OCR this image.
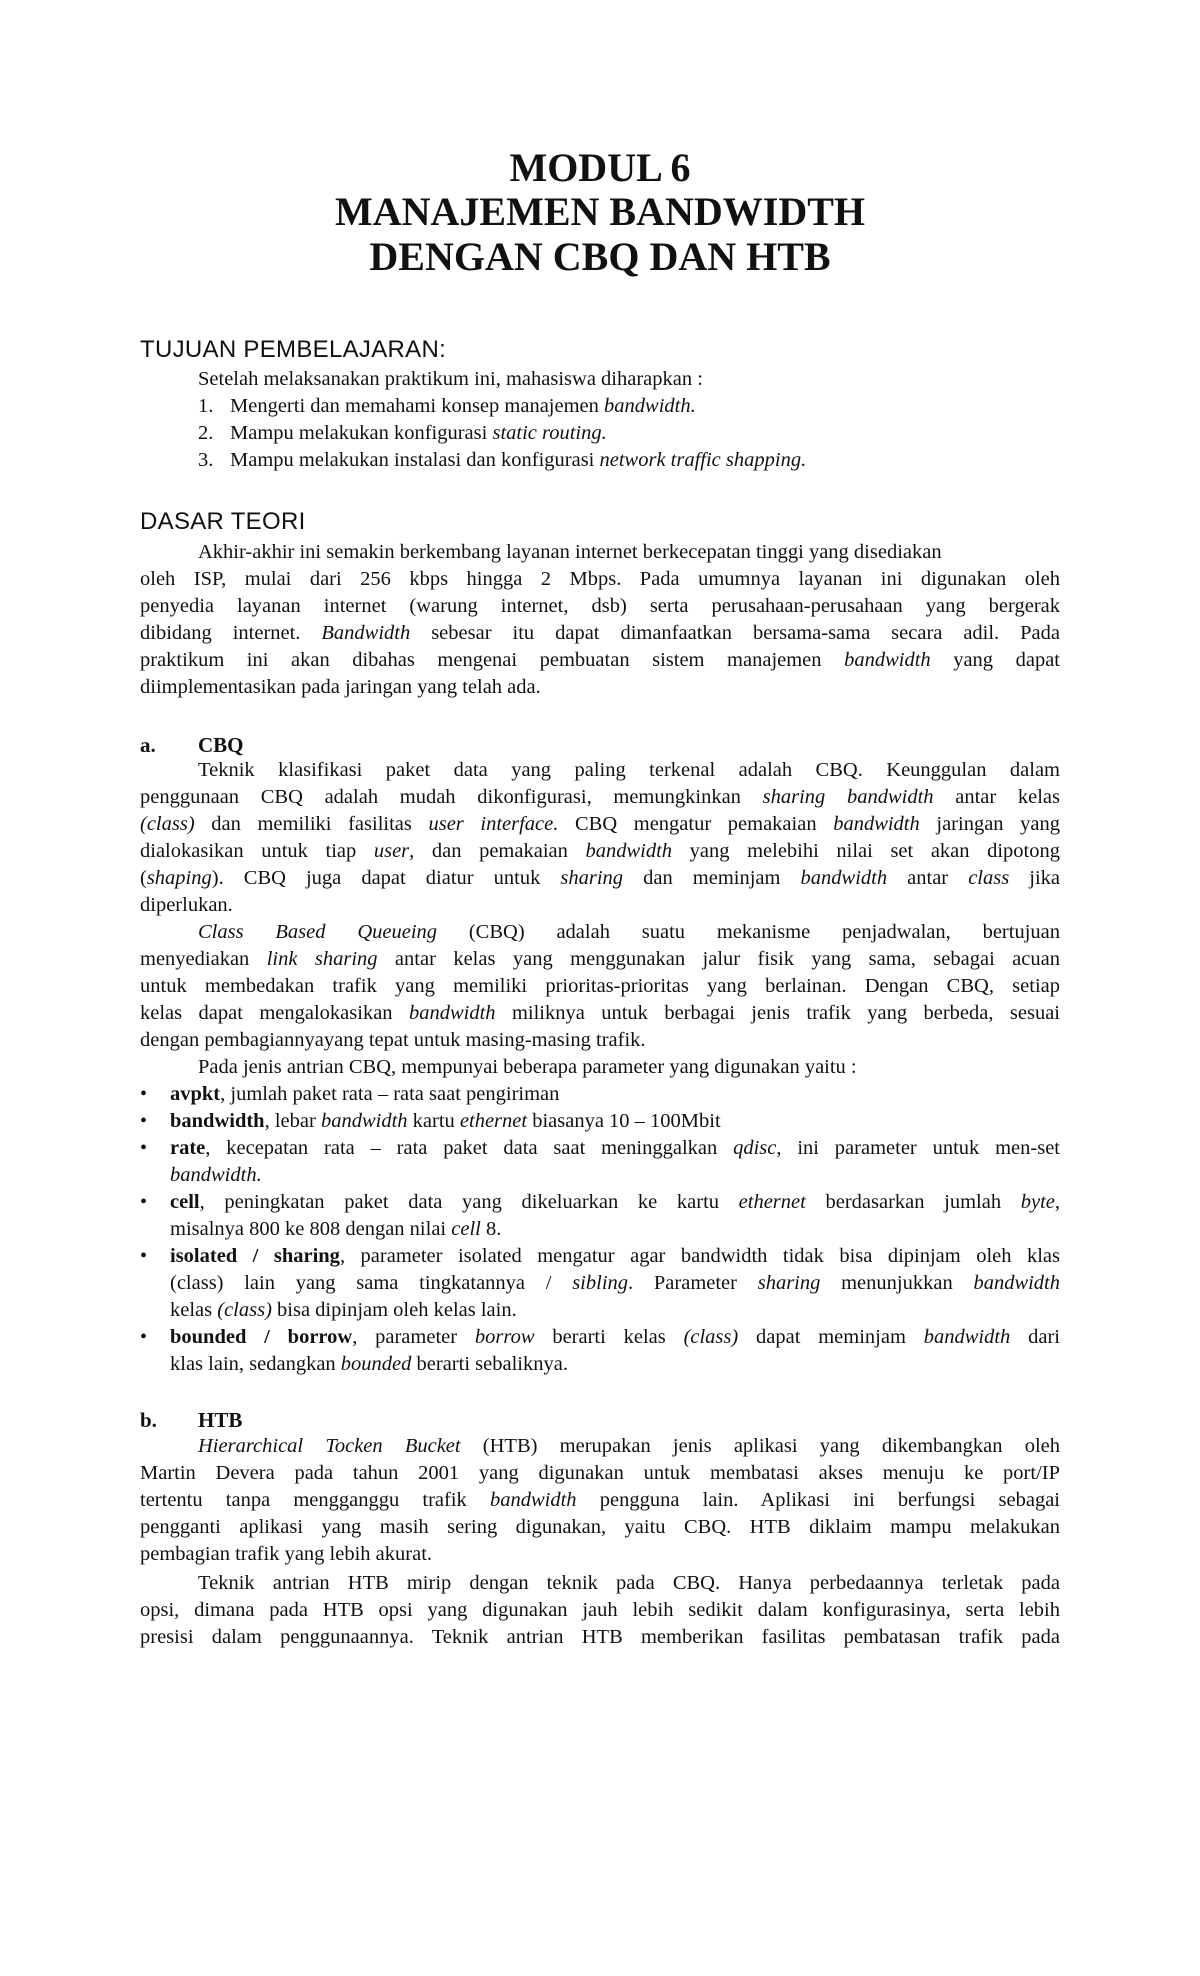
MODUL 6
MANAJEMEN BANDWIDTH
DENGAN CBQ DAN HTB
TUJUAN PEMBELAJARAN:
Setelah melaksanakan praktikum ini, mahasiswa diharapkan :
1. Mengerti dan memahami konsep manajemen bandwidth.
2. Mampu melakukan konfigurasi static routing.
3. Mampu melakukan instalasi dan konfigurasi network traffic shapping.
DASAR TEORI
Akhir-akhir ini semakin berkembang layanan internet berkecepatan tinggi yang disediakan
oleh ISP, mulai dari 256 kbps hingga 2 Mbps. Pada umumnya layanan ini digunakan oleh
penyedia layanan internet (warung internet, dsb) serta perusahaan-perusahaan yang bergerak
dibidang internet. Bandwidth sebesar itu dapat dimanfaatkan bersama-sama secara adil. Pada
praktikum ini akan dibahas mengenai pembuatan sistem manajemen bandwidth yang dapat
diimplementasikan pada jaringan yang telah ada.
a. CBQ
Teknik klasifikasi paket data yang paling terkenal adalah CBQ. Keunggulan dalam
penggunaan CBQ adalah mudah dikonfigurasi, memungkinkan sharing bandwidth antar kelas
(class) dan memiliki fasilitas user interface. CBQ mengatur pemakaian bandwidth jaringan yang
dialokasikan untuk tiap user, dan pemakaian bandwidth yang melebihi nilai set akan dipotong
(shaping). CBQ juga dapat diatur untuk sharing dan meminjam bandwidth antar class jika
diperlukan.
Class Based Queueing (CBQ) adalah suatu mekanisme penjadwalan, bertujuan
menyediakan link sharing antar kelas yang menggunakan jalur fisik yang sama, sebagai acuan
untuk membedakan trafik yang memiliki prioritas-prioritas yang berlainan. Dengan CBQ, setiap
kelas dapat mengalokasikan bandwidth miliknya untuk berbagai jenis trafik yang berbeda, sesuai
dengan pembagiannyayang tepat untuk masing-masing trafik.
Pada jenis antrian CBQ, mempunyai beberapa parameter yang digunakan yaitu :
• avpkt, jumlah paket rata – rata saat pengiriman
• bandwidth, lebar bandwidth kartu ethernet biasanya 10 – 100Mbit
• rate, kecepatan rata – rata paket data saat meninggalkan qdisc, ini parameter untuk men-set
bandwidth.
• cell, peningkatan paket data yang dikeluarkan ke kartu ethernet berdasarkan jumlah byte,
misalnya 800 ke 808 dengan nilai cell 8.
• isolated / sharing, parameter isolated mengatur agar bandwidth tidak bisa dipinjam oleh klas
(class) lain yang sama tingkatannya / sibling. Parameter sharing menunjukkan bandwidth
kelas (class) bisa dipinjam oleh kelas lain.
• bounded / borrow, parameter borrow berarti kelas (class) dapat meminjam bandwidth dari
klas lain, sedangkan bounded berarti sebaliknya.
b. HTB
Hierarchical Tocken Bucket (HTB) merupakan jenis aplikasi yang dikembangkan oleh
Martin Devera pada tahun 2001 yang digunakan untuk membatasi akses menuju ke port/IP
tertentu tanpa mengganggu trafik bandwidth pengguna lain. Aplikasi ini berfungsi sebagai
pengganti aplikasi yang masih sering digunakan, yaitu CBQ. HTB diklaim mampu melakukan
pembagian trafik yang lebih akurat.
Teknik antrian HTB mirip dengan teknik pada CBQ. Hanya perbedaannya terletak pada
opsi, dimana pada HTB opsi yang digunakan jauh lebih sedikit dalam konfigurasinya, serta lebih
presisi dalam penggunaannya. Teknik antrian HTB memberikan fasilitas pembatasan trafik pada
